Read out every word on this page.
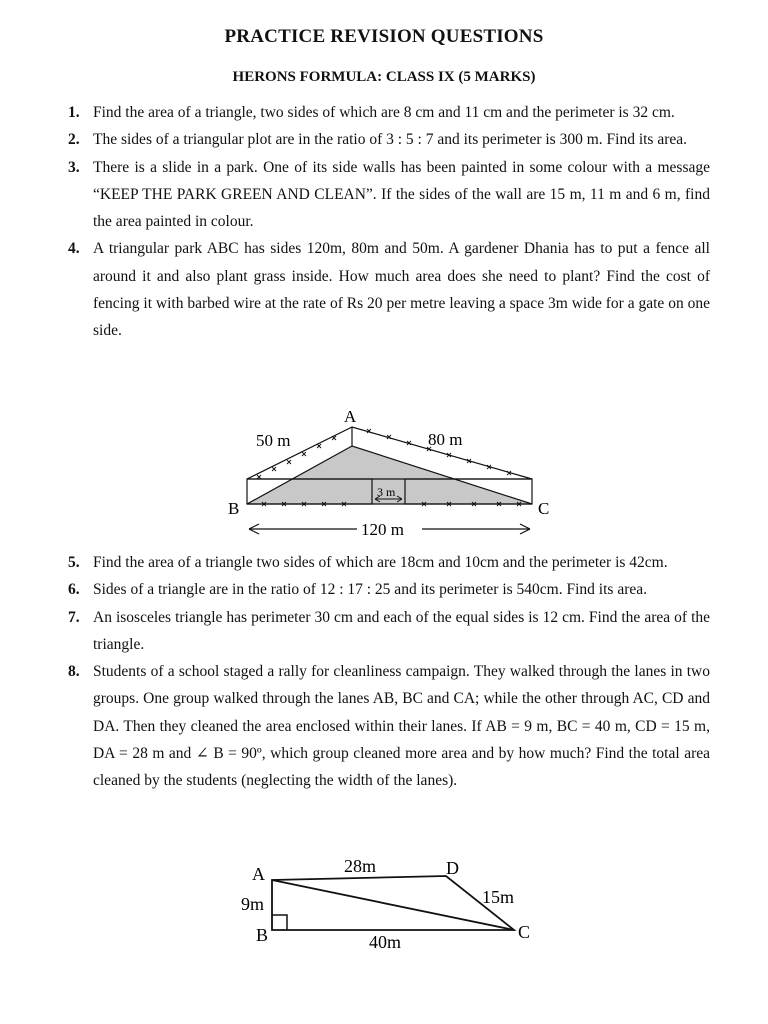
PRACTICE REVISION QUESTIONS
HERONS FORMULA: CLASS IX (5 MARKS)
1. Find the area of a triangle, two sides of which are 8 cm and 11 cm and the perimeter is 32 cm.
2. The sides of a triangular plot are in the ratio of 3 : 5 : 7 and its perimeter is 300 m. Find its area.
3. There is a slide in a park. One of its side walls has been painted in some colour with a message “KEEP THE PARK GREEN AND CLEAN”. If the sides of the wall are 15 m, 11 m and 6 m, find the area painted in colour.
4. A triangular park ABC has sides 120m, 80m and 50m. A gardener Dhania has to put a fence all around it and also plant grass inside. How much area does she need to plant? Find the cost of fencing it with barbed wire at the rate of Rs 20 per metre leaving a space 3m wide for a gate on one side.
A
B	C
50 m	80 m
3 m
120 m
5. Find the area of a triangle two sides of which are 18cm and 10cm and the perimeter is 42cm.
6. Sides of a triangle are in the ratio of 12 : 17 : 25 and its perimeter is 540cm. Find its area.
7. An isosceles triangle has perimeter 30 cm and each of the equal sides is 12 cm. Find the area of the triangle.
8. Students of a school staged a rally for cleanliness campaign. They walked through the lanes in two groups. One group walked through the lanes AB, BC and CA; while the other through AC, CD and DA. Then they cleaned the area enclosed within their lanes. If AB = 9 m, BC = 40 m, CD = 15 m, DA = 28 m and ∠ B = 90º, which group cleaned more area and by how much? Find the total area cleaned by the students (neglecting the width of the lanes).
A	D
B	C
28m
9m	15m
40m
